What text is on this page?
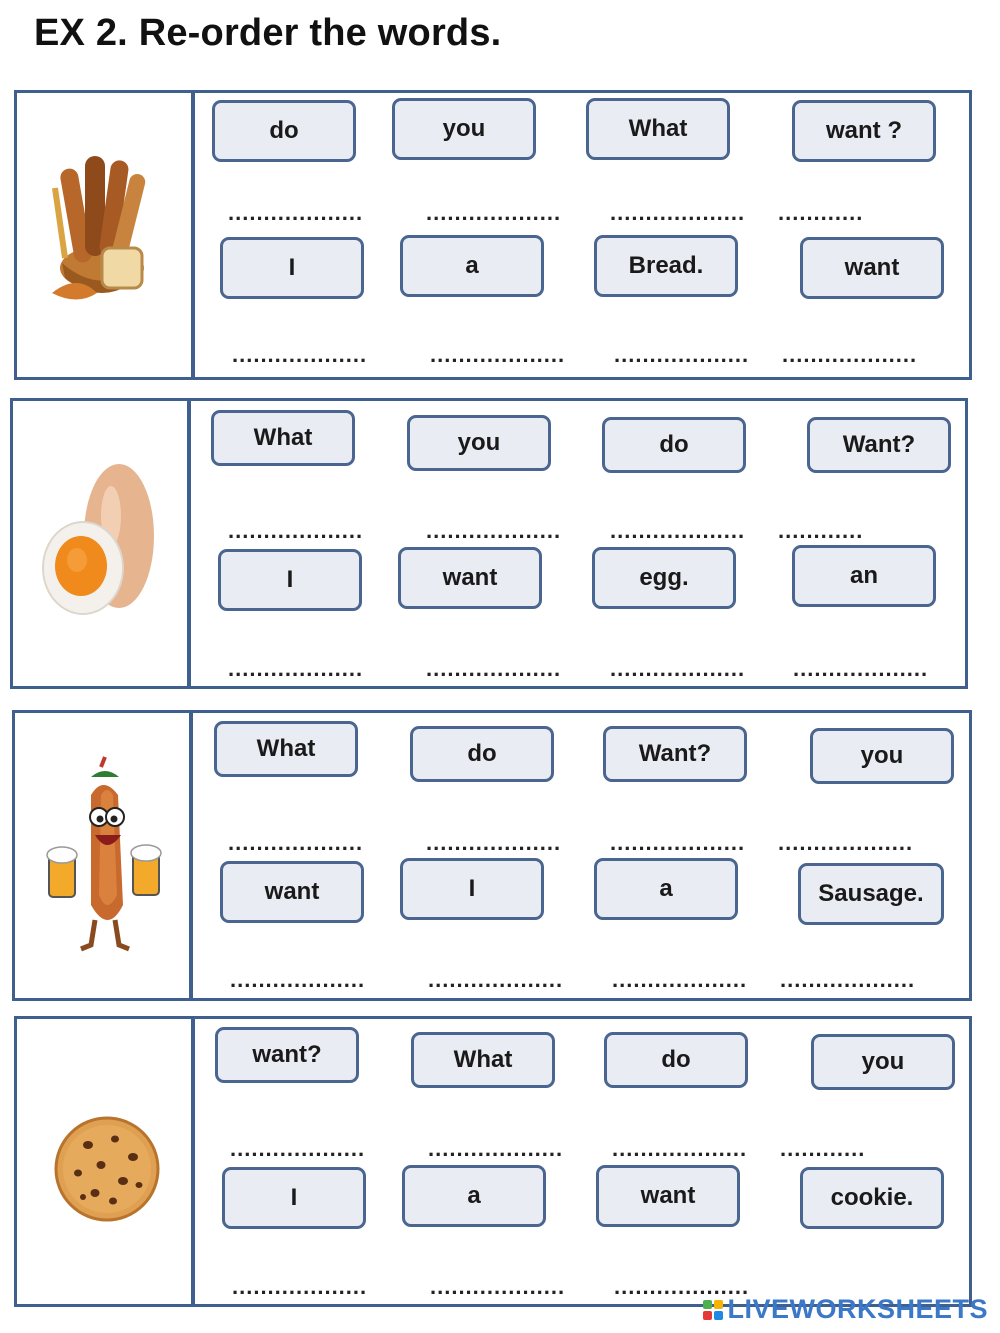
EX 2. Re-order the words.
do	you	What	want ?
...................	................... ................... ............
I	a	Bread.	want
...................	................... ................... ...................
What	you	do	Want?
...................	................... ................... ............
I	want	egg.	an
...................	................... ................... ...................
What	do	Want?	you
...................	................... ................... ...................
want	I	a	Sausage.
...................	................... ................... ...................
want?	What	do	you
...................	................... ................... ............
I	a	want	cookie.
...................	................... ...................
LIVEWORKSHEETS
